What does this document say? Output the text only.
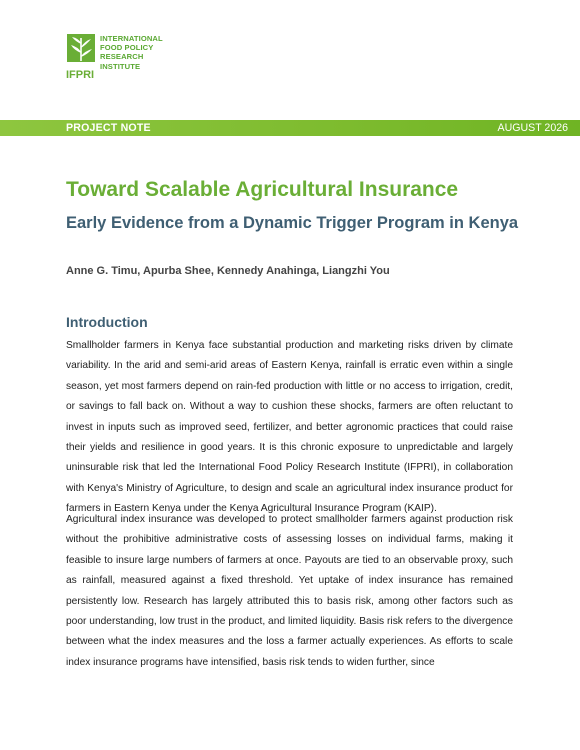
IFPRI
INTERNATIONAL
FOOD POLICY
RESEARCH
INSTITUTE
PROJECT NOTE	AUGUST 2026
Toward Scalable Agricultural Insurance
Early Evidence from a Dynamic Trigger Program in Kenya
Anne G. Timu, Apurba Shee, Kennedy Anahinga, Liangzhi You
Introduction

Smallholder farmers in Kenya face substantial production and marketing risks driven by climate variability. In the arid and semi-arid areas of Eastern Kenya, rainfall is erratic even within a single season, yet most farmers depend on rain-fed production with little or no access to irrigation, credit, or savings to fall back on. Without a way to cushion these shocks, farmers are often reluctant to invest in inputs such as improved seed, fertilizer, and better agronomic practices that could raise their yields and resilience in good years. It is this chronic exposure to unpredictable and largely uninsurable risk that led the International Food Policy Research Institute (IFPRI), in collaboration with Kenya's Ministry of Agriculture, to design and scale an agricultural index insurance product for farmers in Eastern Kenya under the Kenya Agricultural Insurance Program (KAIP).

Agricultural index insurance was developed to protect smallholder farmers against production risk without the prohibitive administrative costs of assessing losses on individual farms, making it feasible to insure large numbers of farmers at once. Payouts are tied to an observable proxy, such as rainfall, measured against a fixed threshold. Yet uptake of index insurance has remained persistently low. Research has largely attributed this to basis risk, among other factors such as poor understanding, low trust in the product, and limited liquidity. Basis risk refers to the divergence between what the index measures and the loss a farmer actually experiences. As efforts to scale index insurance programs have intensified, basis risk tends to widen further, since
